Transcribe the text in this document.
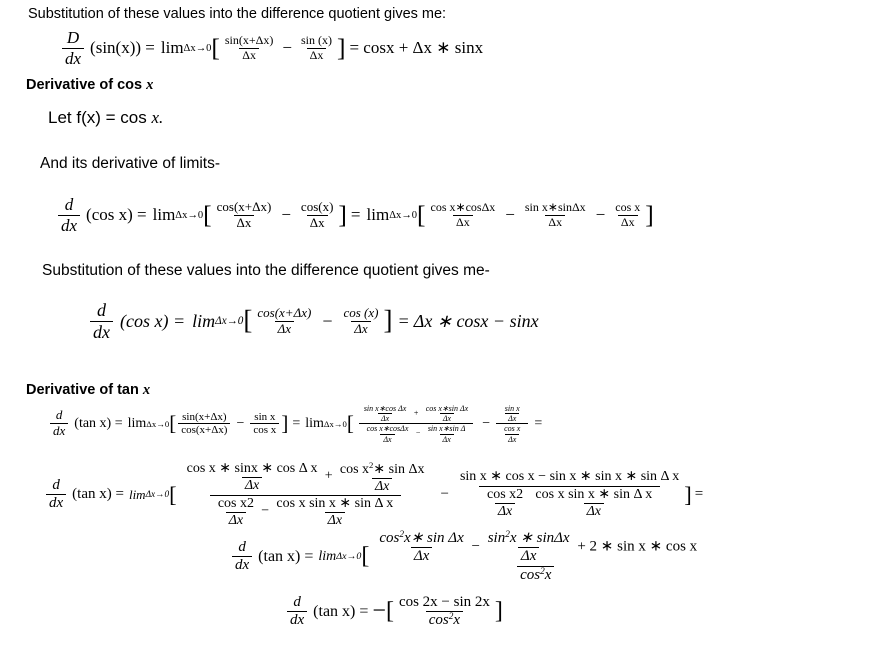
Substitution of these values into the difference quotient gives me:
$\frac{D}{dx} (\sin(x)) = \lim \Delta x\to 0$ [ $\frac{\sin(x+\Delta x)}{\Delta x} - \frac{\sin (x)}{\Delta x}$ ] = cosx + Δx ∗ sinx
Derivative of cos x
Let f(x) = cos x.
And its derivative of limits-
$\frac{d}{dx} (\cos$ x) = lim Δx→0 [ $\frac{\cos(x+\Delta x)}{\Delta x} - \frac{\cos(x)}{\Delta x}$ ] = lim Δx→0 [ $\frac{\text{cos x∗cosΔx}}{\Delta x} - \frac{\text{sin x∗sinΔx}}{\Delta x} - \frac{\text{cos x}}{\Delta x}$ ]
Substitution of these values into the difference quotient gives me-
$\frac{d}{dx} (\cos$ x) = lim Δx→0 [ $\frac{\cos(x+\Delta x)}{\Delta x} - \frac{\cos (x)}{\Delta x}$ ] = Δx ∗ cosx − sinx
Derivative of tan x
$\frac{d}{dx} (\tan$ x) = lim Δx→0 [ $\frac{\sin(x+\Delta x)}{\cos(x+\Delta x)} - \frac{\text{sin x}}{\text{cos x}}$ ] = lim Δx→0 [ $\frac{\text{sin x∗cos Δx}}{\Delta x} + \frac{\text{cos x∗sin Δx}}{\Delta x}$
$\frac{\text{cos x∗cosΔx}}{\Delta x} - \frac{\text{sin x∗sin Δ}}{\Delta x}$
− $\frac{\frac{\text{sin x}}{\Delta x}}{\frac{\text{cos x}}{\Delta x}}$ =
$\frac{d}{dx} (\tan$ x) = lim Δx→0 [ $\frac{\text{cos x ∗ sinx ∗ cos Δ x}}{\Delta x} + \frac{\text{cos x2∗ sin Δx}}{\Delta x}$
$\frac{\text{cos x2}}{\Delta x} - \frac{\text{cos x sin x ∗ sin Δ x}}{\Delta x}$
−
sin x ∗ cos x − sin x ∗ sin x ∗ sin Δ x
$\frac{\text{cos x2}}{\Delta x}$
$\frac{\text{cos x sin x ∗ sin Δ x}}{\Delta x}$ ] =
$\frac{d}{dx} (\tan$ x) = lim Δx→0 [ $\frac{\text{cos2x∗ sin Δx}}{\Delta x} - \frac{\sin 2x ∗ \sin\Delta x}{\Delta x} + 2$ ∗ sin x ∗ cos x
cos2x
$\frac{d}{dx} (\tan$ x) = −[ $\frac{\cos 2x - \sin 2x}{\cos 2x}$ ]
